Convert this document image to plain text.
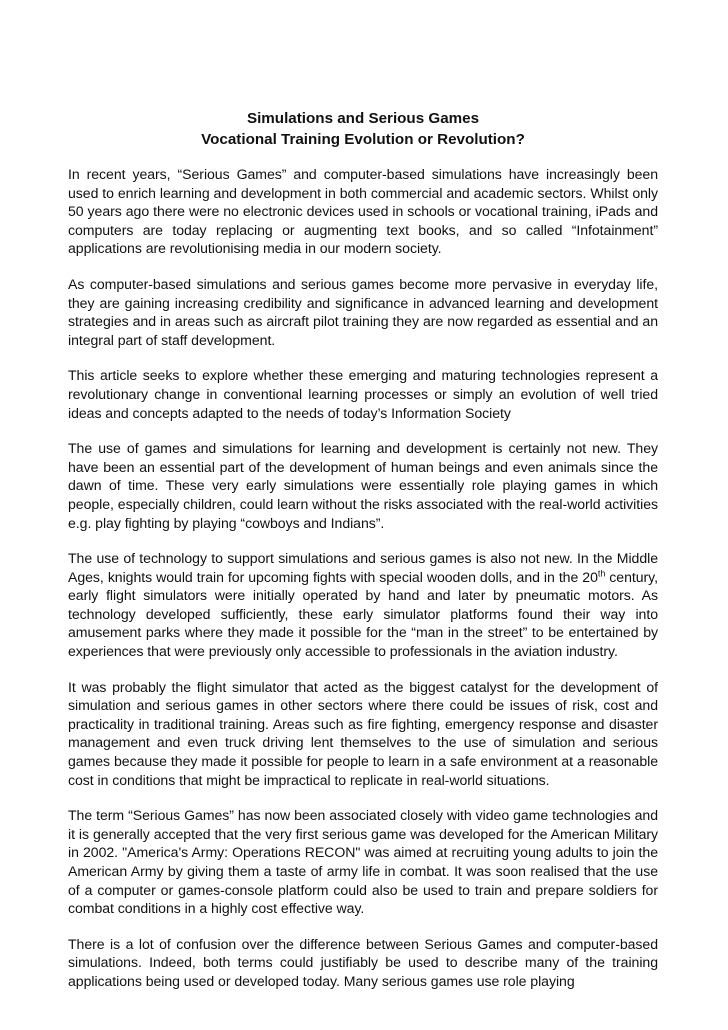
Simulations and Serious Games

Vocational Training Evolution or Revolution?

In recent years, “Serious Games” and computer-based simulations have increasingly been used to enrich learning and development in both commercial and academic sectors. Whilst only 50 years ago there were no electronic devices used in schools or vocational training, iPads and computers are today replacing or augmenting text books, and so called “Infotainment” applications are revolutionising media in our modern society.

As computer-based simulations and serious games become more pervasive in everyday life, they are gaining increasing credibility and significance in advanced learning and development strategies and in areas such as aircraft pilot training they are now regarded as essential and an integral part of staff development.

This article seeks to explore whether these emerging and maturing technologies represent a revolutionary change in conventional learning processes or simply an evolution of well tried ideas and concepts adapted to the needs of today’s Information Society

The use of games and simulations for learning and development is certainly not new. They have been an essential part of the development of human beings and even animals since the dawn of time. These very early simulations were essentially role playing games in which people, especially children, could learn without the risks associated with the real-world activities e.g. play fighting by playing “cowboys and Indians”.

The use of technology to support simulations and serious games is also not new. In the Middle Ages, knights would train for upcoming fights with special wooden dolls, and in the 20th century, early flight simulators were initially operated by hand and later by pneumatic motors. As technology developed sufficiently, these early simulator platforms found their way into amusement parks where they made it possible for the “man in the street” to be entertained by experiences that were previously only accessible to professionals in the aviation industry.

It was probably the flight simulator that acted as the biggest catalyst for the development of simulation and serious games in other sectors where there could be issues of risk, cost and practicality in traditional training. Areas such as fire fighting, emergency response and disaster management and even truck driving lent themselves to the use of simulation and serious games because they made it possible for people to learn in a safe environment at a reasonable cost in conditions that might be impractical to replicate in real-world situations.

The term “Serious Games” has now been associated closely with video game technologies and it is generally accepted that the very first serious game was developed for the American Military in 2002. "America's Army: Operations RECON" was aimed at recruiting young adults to join the American Army by giving them a taste of army life in combat. It was soon realised that the use of a computer or games-console platform could also be used to train and prepare soldiers for combat conditions in a highly cost effective way.

There is a lot of confusion over the difference between Serious Games and computer-based simulations. Indeed, both terms could justifiably be used to describe many of the training applications being used or developed today. Many serious games use role playing
